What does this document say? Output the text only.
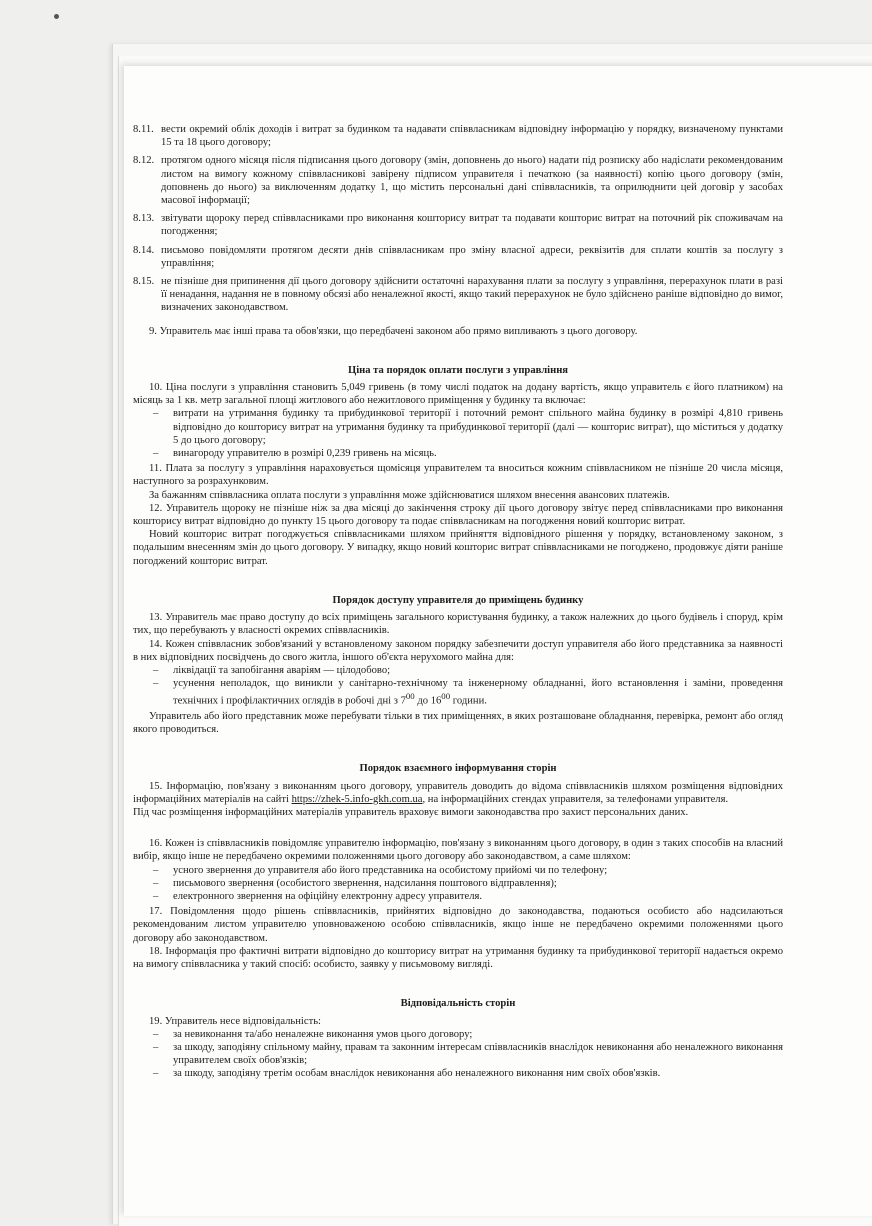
8.11. вести окремий облік доходів і витрат за будинком та надавати співвласникам відповідну інформацію у порядку, визначеному пунктами 15 та 18 цього договору;
8.12. протягом одного місяця після підписання цього договору (змін, доповнень до нього) надати під розписку або надіслати рекомендованим листом на вимогу кожному співвласникові завірену підписом управителя і печаткою (за наявності) копію цього договору (змін, доповнень до нього) за виключенням додатку 1, що містить персональні дані співвласників, та оприлюднити цей договір у засобах масової інформації;
8.13. звітувати щороку перед співвласниками про виконання кошторису витрат та подавати кошторис витрат на поточний рік споживачам на погодження;
8.14. письмово повідомляти протягом десяти днів співвласникам про зміну власної адреси, реквізитів для сплати коштів за послугу з управління;
8.15. не пізніше дня припинення дії цього договору здійснити остаточні нарахування плати за послугу з управління, перерахунок плати в разі її ненадання, надання не в повному обсязі або неналежної якості, якщо такий перерахунок не було здійснено раніше відповідно до вимог, визначених законодавством.

9. Управитель має інші права та обов'язки, що передбачені законом або прямо випливають з цього договору.

Ціна та порядок оплати послуги з управління

10. Ціна послуги з управління становить 5,049 гривень (в тому числі податок на додану вартість, якщо управитель є його платником) на місяць за 1 кв. метр загальної площі житлового або нежитлового приміщення у будинку та включає:

–	витрати на утримання будинку та прибудинкової території і поточний ремонт спільного майна будинку в розмірі 4,810 гривень відповідно до кошторису витрат на утримання будинку та прибудинкової території (далі — кошторис витрат), що міститься у додатку 5 до цього договору;
–	винагороду управителю в розмірі 0,239 гривень на місяць.

11. Плата за послугу з управління нараховується щомісяця управителем та вноситься кожним співвласником не пізніше 20 числа місяця, наступного за розрахунковим.

За бажанням співвласника оплата послуги з управління може здійснюватися шляхом внесення авансових платежів.

12. Управитель щороку не пізніше ніж за два місяці до закінчення строку дії цього договору звітує перед співвласниками про виконання кошторису витрат відповідно до пункту 15 цього договору та подає співвласникам на погодження новий кошторис витрат.

Новий кошторис витрат погоджується співвласниками шляхом прийняття відповідного рішення у порядку, встановленому законом, з подальшим внесенням змін до цього договору. У випадку, якщо новий кошторис витрат співвласниками не погоджено, продовжує діяти раніше погоджений кошторис витрат.

Порядок доступу управителя до приміщень будинку

13. Управитель має право доступу до всіх приміщень загального користування будинку, а також належних до цього будівель і споруд, крім тих, що перебувають у власності окремих співвласників.

14. Кожен співвласник зобов'язаний у встановленому законом порядку забезпечити доступ управителя або його представника за наявності в них відповідних посвідчень до свого житла, іншого об'єкта нерухомого майна для:

–	ліквідації та запобігання аваріям — цілодобово;
–	усунення неполадок, що виникли у санітарно-технічному та інженерному обладнанні, його встановлення і заміни, проведення технічних і профілактичних оглядів в робочі дні з $7^{00}$ до $16^{00}$ години.

Управитель або його представник може перебувати тільки в тих приміщеннях, в яких розташоване обладнання, перевірка, ремонт або огляд якого проводиться.

Порядок взаємного інформування сторін

15. Інформацію, пов'язану з виконанням цього договору, управитель доводить до відома співвласників шляхом розміщення відповідних інформаційних матеріалів на сайті https://zhek-5.info-gkh.com.ua, на інформаційних стендах управителя, за телефонами управителя.

Під час розміщення інформаційних матеріалів управитель враховує вимоги законодавства про захист персональних даних.

16. Кожен із співвласників повідомляє управителю інформацію, пов'язану з виконанням цього договору, в один з таких способів на власний вибір, якщо інше не передбачено окремими положеннями цього договору або законодавством, а саме шляхом:

–	усного звернення до управителя або його представника на особистому прийомі чи по телефону;
–	письмового звернення (особистого звернення, надсилання поштового відправлення);
–	електронного звернення на офіційну електронну адресу управителя.

17. Повідомлення щодо рішень співвласників, прийнятих відповідно до законодавства, подаються особисто або надсилаються рекомендованим листом управителю уповноваженою особою співвласників, якщо інше не передбачено окремими положеннями цього договору або законодавством.

18. Інформація про фактичні витрати відповідно до кошторису витрат на утримання будинку та прибудинкової території надається окремо на вимогу співвласника у такий спосіб: особисто, заявку у письмовому вигляді.

Відповідальність сторін

19. Управитель несе відповідальність:

–	за невиконання та/або неналежне виконання умов цього договору;
–	за шкоду, заподіяну спільному майну, правам та законним інтересам співвласників внаслідок невиконання або неналежного виконання управителем своїх обов'язків;
–	за шкоду, заподіяну третім особам внаслідок невиконання або неналежного виконання ним своїх обов'язків.
